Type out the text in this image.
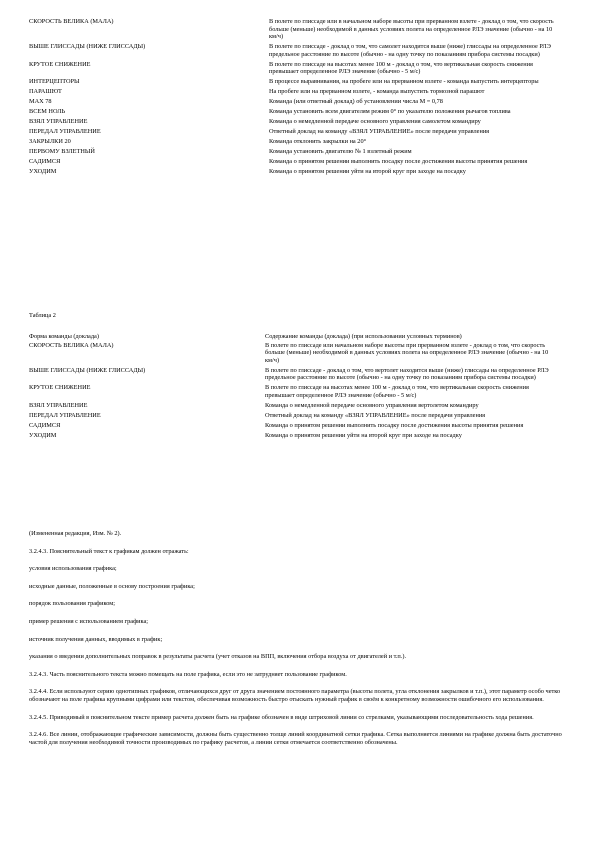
СКОРОСТЬ ВЕЛИКА (МАЛА)	В полете по глиссаде или в начальном наборе высоты при прерванном взлете - доклад о том, что скорость больше (меньше) необходимой в данных условиях полета на определенное РЛЭ значение (обычно - на 10 км/ч)
ВЫШЕ ГЛИССАДЫ (НИЖЕ ГЛИССАДЫ)	В полете по глиссаде - доклад о том, что самолет находится выше (ниже) глиссады на определенное РЛЭ предельное расстояние по высоте (обычно - на одну точку по показаниям прибора системы посадки)
КРУТОЕ СНИЖЕНИЕ	В полете по глиссаде на высотах менее 100 м - доклад о том, что вертикальная скорость снижения превышает определенное РЛЭ значение (обычно - 5 м/с)
ИНТЕРЦЕПТОРЫ	В процессе выравнивания, на пробеге или на прерванном взлете - команда выпустить интерцепторы
ПАРАШЮТ	На пробеге или на прерванном взлете, - команда выпустить тормозной парашют
МАХ 78	Команда (или ответный доклад) об установлении числа М = 0,78
ВСЕМ НОЛЬ	Команда установить всем двигателям режим 0° по указателю положения рычагов топлива
ВЗЯЛ УПРАВЛЕНИЕ	Команда о немедленной передаче основного управления самолетом командиру
ПЕРЕДАЛ УПРАВЛЕНИЕ	Ответный доклад на команду «ВЗЯЛ УПРАВЛЕНИЕ» после передачи управления
ЗАКРЫЛКИ 20	Команда отклонить закрылки на 20°
ПЕРВОМУ ВЗЛЕТНЫЙ	Команда установить двигателю № 1 взлетный режим
САДИМСЯ	Команда о принятом решении выполнить посадку после достижения высоты принятия решения
УХОДИМ	Команда о принятом решении уйти на второй круг при заходе на посадку
Таблица 2
Форма команды (доклада)	Содержание команды (доклада) (при использовании условных терминов)
СКОРОСТЬ ВЕЛИКА (МАЛА)	В полете по глиссаде или начальном наборе высоты при прерванном взлете - доклад о том, что скорость больше (меньше) необходимой в данных условиях полета на определенное РЛЭ значение (обычно - на 10 км/ч)
ВЫШЕ ГЛИССАДЫ (НИЖЕ ГЛИССАДЫ)	В полете по глиссаде - доклад о том, что вертолет находится выше (ниже) глиссады на определенное РЛЭ предельное расстояние по высоте (обычно - на одну точку по показаниям прибора системы посадки)
КРУТОЕ СНИЖЕНИЕ	В полете по глиссаде на высотах менее 100 м - доклад о том, что вертикальная скорость снижения превышает определенное РЛЭ значение (обычно - 5 м/с)
ВЗЯЛ УПРАВЛЕНИЕ	Команда о немедленной передаче основного управления вертолетом командиру
ПЕРЕДАЛ УПРАВЛЕНИЕ	Ответный доклад на команду «ВЗЯЛ УПРАВЛЕНИЕ» после передачи управления
САДИМСЯ	Команда о принятом решении выполнить посадку после достижения высоты принятия решения
УХОДИМ	Команда о принятом решении уйти на второй круг при заходе на посадку

(Измененная редакция, Изм. № 2).

3.2.4.3. Пояснительный текст к графикам должен отражать:

условия использования графика;

исходные данные, положенные в основу построения графика;

порядок пользования графиком;

пример решения с использованием графика;

источник получения данных, вводимых в график;

указания о введении дополнительных поправок в результаты расчета (учет отказов на ВПП, включения отбора воздуха от двигателей и т.п.).

3.2.4.3. Часть пояснительного текста можно помещать на поле графика, если это не затрудняет пользование графиком.

3.2.4.4. Если используют серию однотипных графиков, отличающихся друг от друга значением постоянного параметра (высоты полета, угла отклонения закрылков и т.п.), этот параметр особо четко обозначают на поле графика крупными цифрами или текстом, обеспечивая возможность быстро отыскать нужный график в своём к конкретному возможности ошибочного его использования.

3.2.4.5. Приводимый в пояснительном тексте пример расчета должен быть на графике обозначен в виде штриховой линии со стрелками, указывающими последовательность хода решения.

3.2.4.6. Все линии, отображающие графические зависимости, должны быть существенно толще линий координатной сетки графика. Сетка выполняется линиями на графике должна быть достаточно частой для получения необходимой точности производимых по графику расчетов, а линии сетки отмечается соответственно обозначены.
